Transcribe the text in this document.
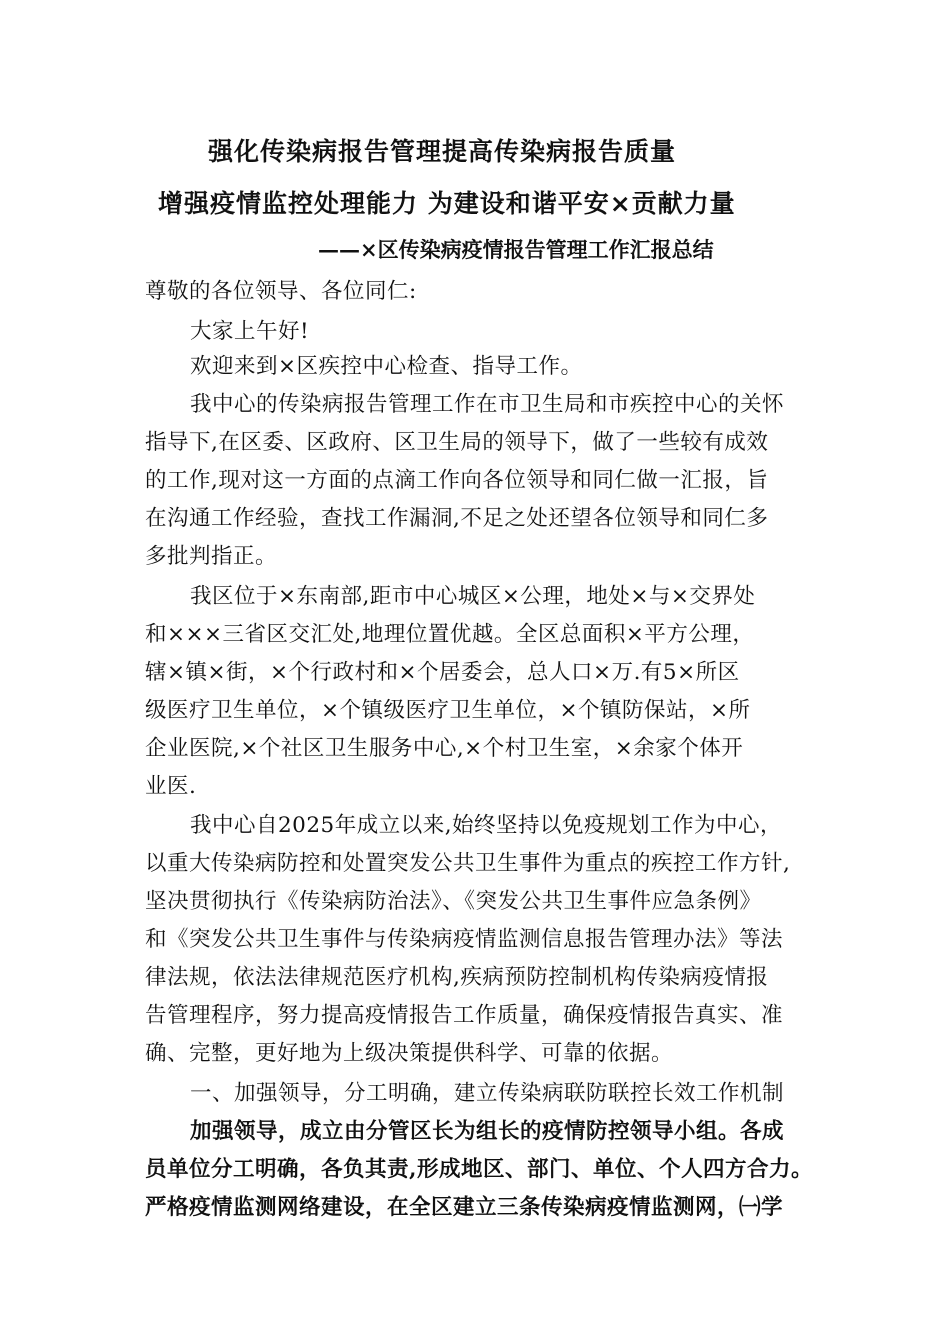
强化传染病报告管理提高传染病报告质量
增强疫情监控处理能力 为建设和谐平安×贡献力量
——×区传染病疫情报告管理工作汇报总结
尊敬的各位领导、各位同仁:
大家上午好!
欢迎来到×区疾控中心检查、指导工作。
我中心的传染病报告管理工作在市卫生局和市疾控中心的关怀
指导下,在区委、区政府、区卫生局的领导下，做了一些较有成效
的工作,现对这一方面的点滴工作向各位领导和同仁做一汇报，旨
在沟通工作经验，查找工作漏洞,不足之处还望各位领导和同仁多
多批判指正。
我区位于×东南部,距市中心城区×公理，地处×与×交界处
和×××三省区交汇处,地理位置优越。全区总面积×平方公理，
辖×镇×街，×个行政村和×个居委会，总人口×万.有5×所区
级医疗卫生单位，×个镇级医疗卫生单位，×个镇防保站，×所
企业医院,×个社区卫生服务中心,×个村卫生室，×余家个体开
业医.
我中心自2025年成立以来,始终坚持以免疫规划工作为中心，
以重大传染病防控和处置突发公共卫生事件为重点的疾控工作方针,
坚决贯彻执行《传染病防治法》、《突发公共卫生事件应急条例》
和《突发公共卫生事件与传染病疫情监测信息报告管理办法》等法
律法规，依法法律规范医疗机构,疾病预防控制机构传染病疫情报
告管理程序，努力提高疫情报告工作质量，确保疫情报告真实、准
确、完整，更好地为上级决策提供科学、可靠的依据。
一、加强领导，分工明确，建立传染病联防联控长效工作机制
加强领导，成立由分管区长为组长的疫情防控领导小组。各成
员单位分工明确，各负其责,形成地区、部门、单位、个人四方合力。
严格疫情监测网络建设，在全区建立三条传染病疫情监测网，㈠学
